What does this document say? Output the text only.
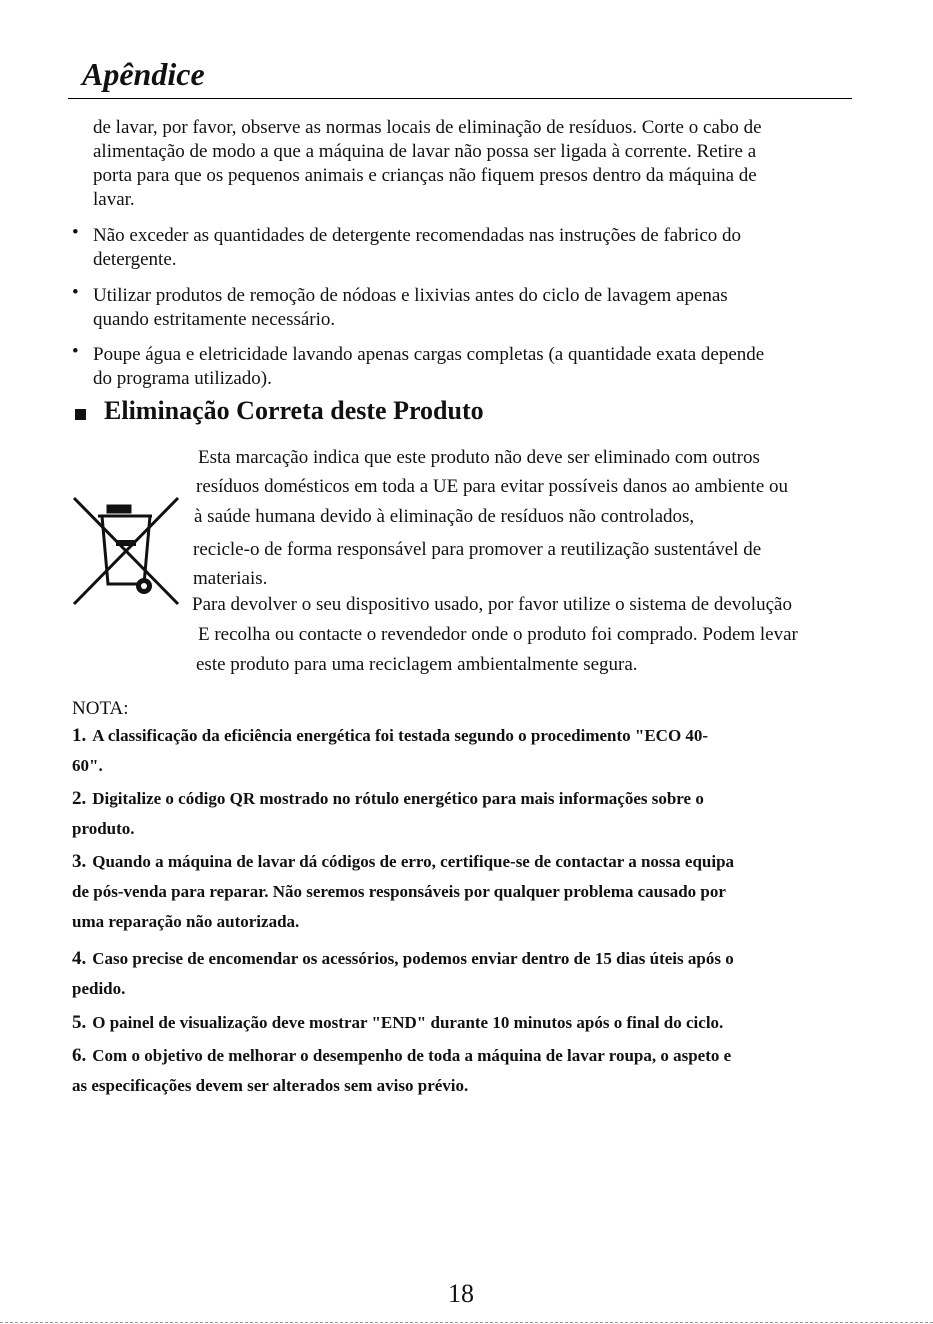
Apêndice
de lavar, por favor, observe as normas locais de eliminação de resíduos. Corte o cabo de
alimentação de modo a que a máquina de lavar não possa ser ligada à corrente. Retire a
porta para que os pequenos animais e crianças não fiquem presos dentro da máquina de
lavar.
• Não exceder as quantidades de detergente recomendadas nas instruções de fabrico do
detergente.
• Utilizar produtos de remoção de nódoas e lixivias antes do ciclo de lavagem apenas
quando estritamente necessário.
• Poupe água e eletricidade lavando apenas cargas completas (a quantidade exata depende
do programa utilizado).
Eliminação Correta deste Produto
Esta marcação indica que este produto não deve ser eliminado com outros
resíduos domésticos em toda a UE para evitar possíveis danos ao ambiente ou
à saúde humana devido à eliminação de resíduos não controlados,
recicle-o de forma responsável para promover a reutilização sustentável de
materiais.
Para devolver o seu dispositivo usado, por favor utilize o sistema de devolução
E recolha ou contacte o revendedor onde o produto foi comprado. Podem levar
este produto para uma reciclagem ambientalmente segura.
NOTA:
1. A classificação da eficiência energética foi testada segundo o procedimento "ECO 40-
60".
2. Digitalize o código QR mostrado no rótulo energético para mais informações sobre o
produto.
3. Quando a máquina de lavar dá códigos de erro, certifique-se de contactar a nossa equipa
de pós-venda para reparar. Não seremos responsáveis por qualquer problema causado por
uma reparação não autorizada.
4. Caso precise de encomendar os acessórios, podemos enviar dentro de 15 dias úteis após o
pedido.
5. O painel de visualização deve mostrar "END" durante 10 minutos após o final do ciclo.
6. Com o objetivo de melhorar o desempenho de toda a máquina de lavar roupa, o aspeto e
as especificações devem ser alterados sem aviso prévio.
18
